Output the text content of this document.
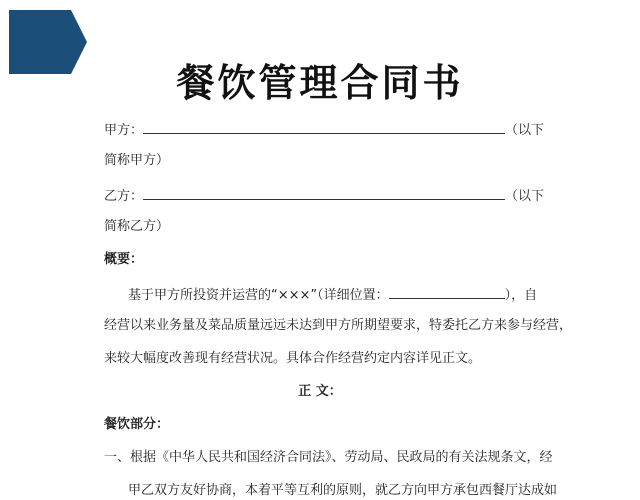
餐饮管理合同书
甲方：	（以下
简称甲方）
乙方：	（以下
简称乙方）
概要：
基于甲方所投资并运营的“×××”（详细位置：	），自
经营以来业务量及菜品质量远远未达到甲方所期望要求，特委托乙方来参与经营，
来较大幅度改善现有经营状况。具体合作经营约定内容详见正文。
正 文：
餐饮部分：
一、根据《中华人民共和国经济合同法》、劳动局、民政局的有关法规条文，经
甲乙双方友好协商，本着平等互利的原则，就乙方向甲方承包西餐厅达成如
